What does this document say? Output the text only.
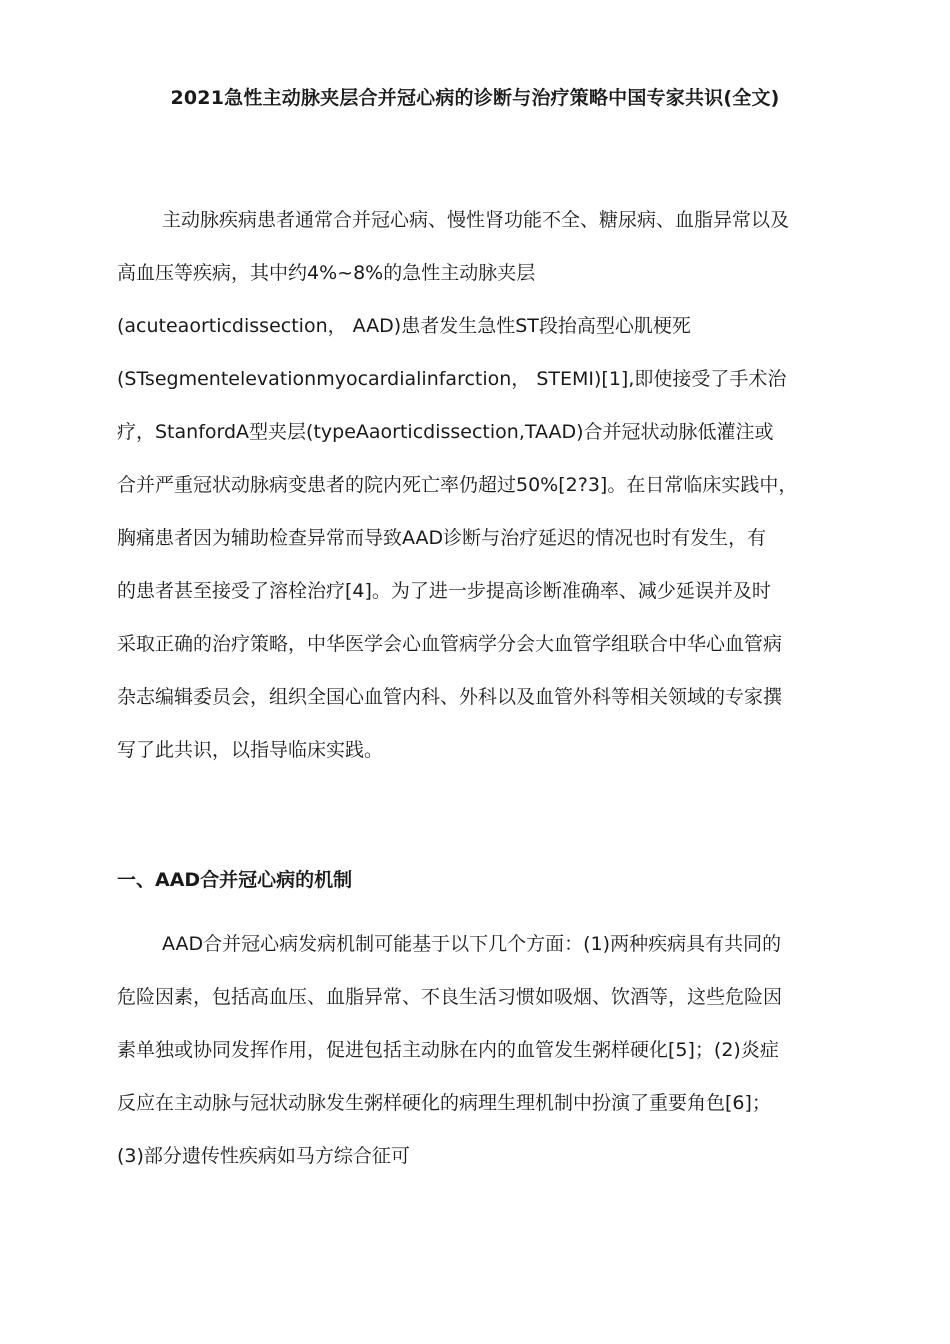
2021急性主动脉夹层合并冠心病的诊断与治疗策略中国专家共识(全文)
主动脉疾病患者通常合并冠心病、慢性肾功能不全、糖尿病、血脂异常以及
高血压等疾病，其中约4%~8%的急性主动脉夹层
(acuteaorticdissection， AAD)患者发生急性ST段抬高型心肌梗死
(STsegmentelevationmyocardialinfarction， STEMI)[1],即使接受了手术治
疗，StanfordA型夹层(typeAaorticdissection,TAAD)合并冠状动脉低灌注或
合并严重冠状动脉病变患者的院内死亡率仍超过50%[2?3]。在日常临床实践中，
胸痛患者因为辅助检查异常而导致AAD诊断与治疗延迟的情况也时有发生，有
的患者甚至接受了溶栓治疗[4]。为了进一步提高诊断准确率、减少延误并及时
采取正确的治疗策略，中华医学会心血管病学分会大血管学组联合中华心血管病
杂志编辑委员会，组织全国心血管内科、外科以及血管外科等相关领域的专家撰
写了此共识，以指导临床实践。
一、AAD合并冠心病的机制
AAD合并冠心病发病机制可能基于以下几个方面：(1)两种疾病具有共同的
危险因素，包括高血压、血脂异常、不良生活习惯如吸烟、饮酒等，这些危险因
素单独或协同发挥作用，促进包括主动脉在内的血管发生粥样硬化[5]；(2)炎症
反应在主动脉与冠状动脉发生粥样硬化的病理生理机制中扮演了重要角色[6]；
(3)部分遗传性疾病如马方综合征可
